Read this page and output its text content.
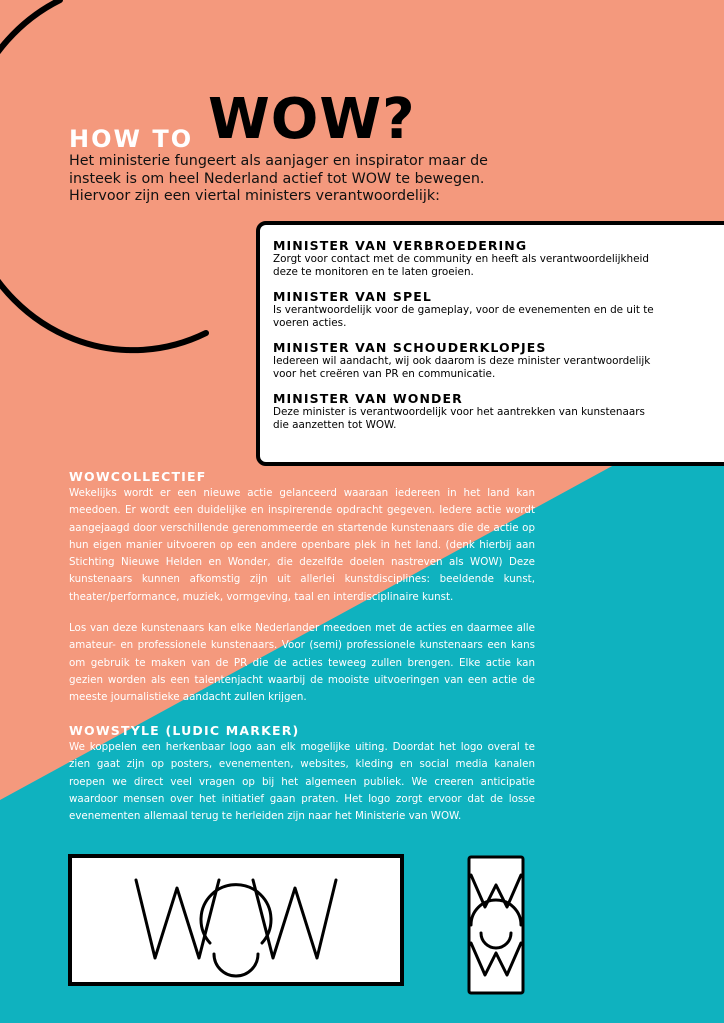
HOW TO WOW?
Het ministerie fungeert als aanjager en inspirator maar de insteek is om heel Nederland actief tot WOW te bewegen. Hiervoor zijn een viertal ministers verantwoordelijk:
MINISTER VAN VERBROEDERING
Zorgt voor contact met de community en heeft als verantwoordelijkheid deze te monitoren en te laten groeien.
MINISTER VAN SPEL
Is verantwoordelijk voor de gameplay, voor de evenementen en de uit te voeren acties.
MINISTER VAN SCHOUDERKLOPJES
Iedereen wil aandacht, wij ook daarom is deze minister verantwoordelijk voor het creëren van PR en communicatie.
MINISTER VAN WONDER
Deze minister is verantwoordelijk voor het aantrekken van kunstenaars die aanzetten tot WOW.
WOWCOLLECTIEF
Wekelijks wordt er een nieuwe actie gelanceerd waaraan iedereen in het land kan meedoen. Er wordt een duidelijke en inspirerende opdracht gegeven. Iedere actie wordt aangejaagd door verschillende gerenommeerde en startende kunstenaars die de actie op hun eigen manier uitvoeren op een andere openbare plek in het land. (denk hierbij aan Stichting Nieuwe Helden en Wonder, die dezelfde doelen nastreven als WOW) Deze kunstenaars kunnen afkomstig zijn uit allerlei kunstdisciplines: beeldende kunst, theater/performance, muziek, vormgeving, taal en interdisciplinaire kunst.
Los van deze kunstenaars kan elke Nederlander meedoen met de acties en daarmee alle amateur- en professionele kunstenaars. Voor (semi) professionele kunstenaars een kans om gebruik te maken van de PR die de acties teweeg zullen brengen. Elke actie kan gezien worden als een talentenjacht waarbij de mooiste uitvoeringen van een actie de meeste journalistieke aandacht zullen krijgen.
WOWSTYLE (LUDIC MARKER)
We koppelen een herkenbaar logo aan elk mogelijke uiting. Doordat het logo overal te zien gaat zijn op posters, evenementen, websites, kleding en social media kanalen roepen we direct veel vragen op bij het algemeen publiek. We creeren anticipatie waardoor mensen over het initiatief gaan praten. Het logo zorgt ervoor dat de losse evenementen allemaal terug te herleiden zijn naar het Ministerie van WOW.
